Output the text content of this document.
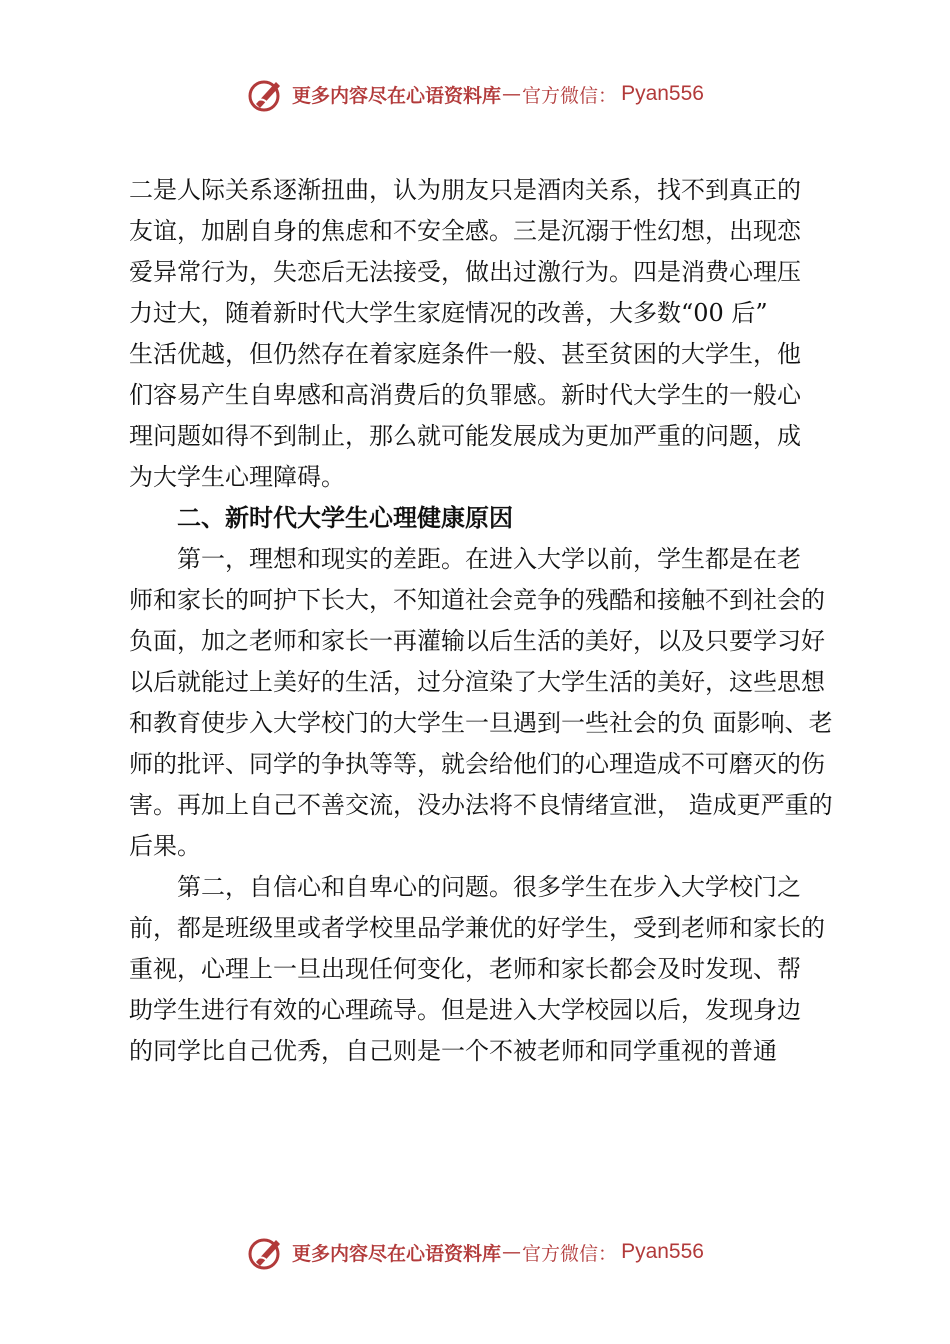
更多内容尽在心语资料库 — 官方微信： Pyan556
二是人际关系逐渐扭曲，认为朋友只是酒肉关系，找不到真正的
友谊，加剧自身的焦虑和不安全感。三是沉溺于性幻想，出现恋
爱异常行为，失恋后无法接受，做出过激行为。四是消费心理压
力过大，随着新时代大学生家庭情况的改善，大多数“00 后”
生活优越，但仍然存在着家庭条件一般、甚至贫困的大学生，他
们容易产生自卑感和高消费后的负罪感。新时代大学生的一般心
理问题如得不到制止，那么就可能发展成为更加严重的问题，成
为大学生心理障碍。
二、新时代大学生心理健康原因
第一，理想和现实的差距。在进入大学以前，学生都是在老
师和家长的呵护下长大，不知道社会竞争的残酷和接触不到社会的
负面，加之老师和家长一再灌输以后生活的美好，以及只要学习好
以后就能过上美好的生活，过分渲染了大学生活的美好，这些思想
和教育使步入大学校门的大学生一旦遇到一些社会的负 面影响、老
师的批评、同学的争执等等，就会给他们的心理造成不可磨灭的伤
害。再加上自己不善交流，没办法将不良情绪宣泄， 造成更严重的
后果。
第二，自信心和自卑心的问题。很多学生在步入大学校门之
前，都是班级里或者学校里品学兼优的好学生，受到老师和家长的
重视，心理上一旦出现任何变化，老师和家长都会及时发现、帮
助学生进行有效的心理疏导。但是进入大学校园以后，发现身边
的同学比自己优秀，自己则是一个不被老师和同学重视的普通
更多内容尽在心语资料库 — 官方微信： Pyan556
